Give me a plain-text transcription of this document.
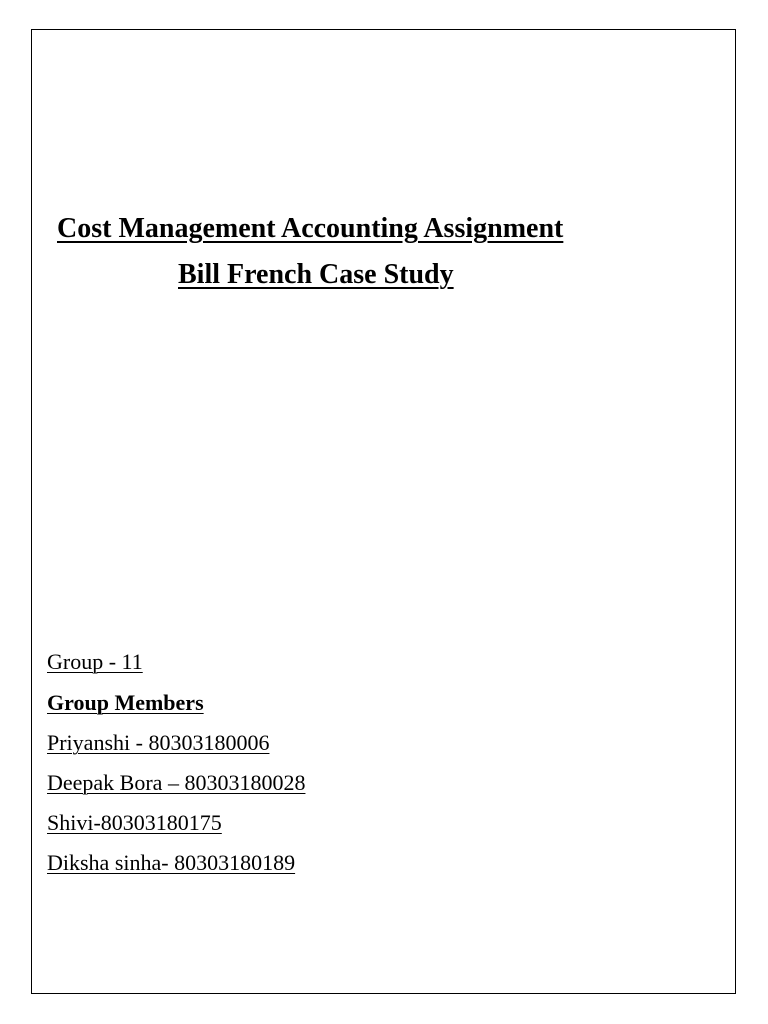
Cost Management Accounting Assignment
Bill French Case Study
Group - 11
Group Members
Priyanshi - 80303180006
Deepak Bora – 80303180028
Shivi-80303180175
Diksha sinha- 80303180189
